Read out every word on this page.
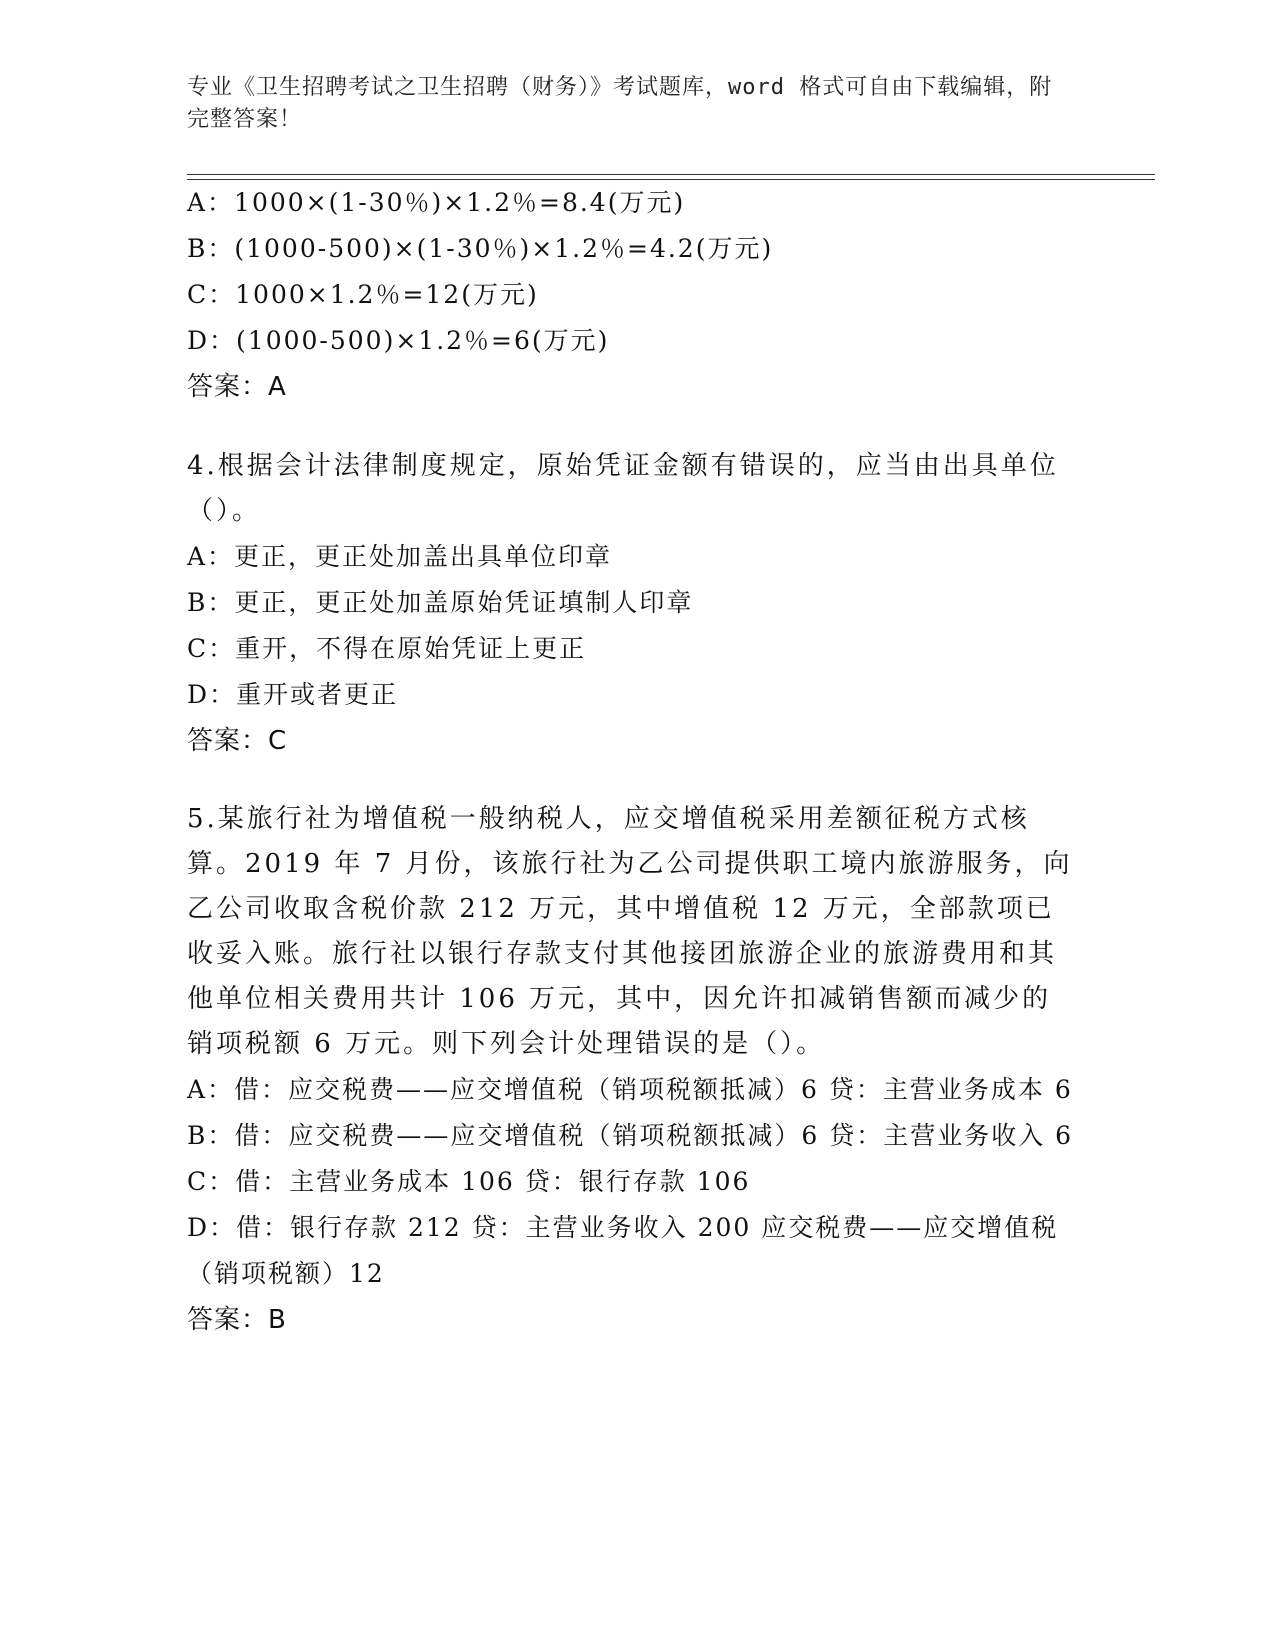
专业《卫生招聘考试之卫生招聘（财务）》考试题库，word 格式可自由下载编辑，附完整答案！
A：1000×(1-30％)×1.2％=8.4(万元)
B：(1000-500)×(1-30％)×1.2％=4.2(万元)
C：1000×1.2％=12(万元)
D：(1000-500)×1.2％=6(万元)
答案：A
4.根据会计法律制度规定，原始凭证金额有错误的，应当由出具单位（）。
A：更正，更正处加盖出具单位印章
B：更正，更正处加盖原始凭证填制人印章
C：重开，不得在原始凭证上更正
D：重开或者更正
答案：C
5.某旅行社为增值税一般纳税人，应交增值税采用差额征税方式核算。2019 年 7 月份，该旅行社为乙公司提供职工境内旅游服务，向乙公司收取含税价款 212 万元，其中增值税 12 万元，全部款项已收妥入账。旅行社以银行存款支付其他接团旅游企业的旅游费用和其他单位相关费用共计 106 万元，其中，因允许扣减销售额而减少的销项税额 6 万元。则下列会计处理错误的是（）。
A：借：应交税费——应交增值税（销项税额抵减）6 贷：主营业务成本 6
B：借：应交税费——应交增值税（销项税额抵减）6 贷：主营业务收入 6
C：借：主营业务成本 106 贷：银行存款 106
D：借：银行存款 212 贷：主营业务收入 200 应交税费——应交增值税（销项税额）12
答案：B
